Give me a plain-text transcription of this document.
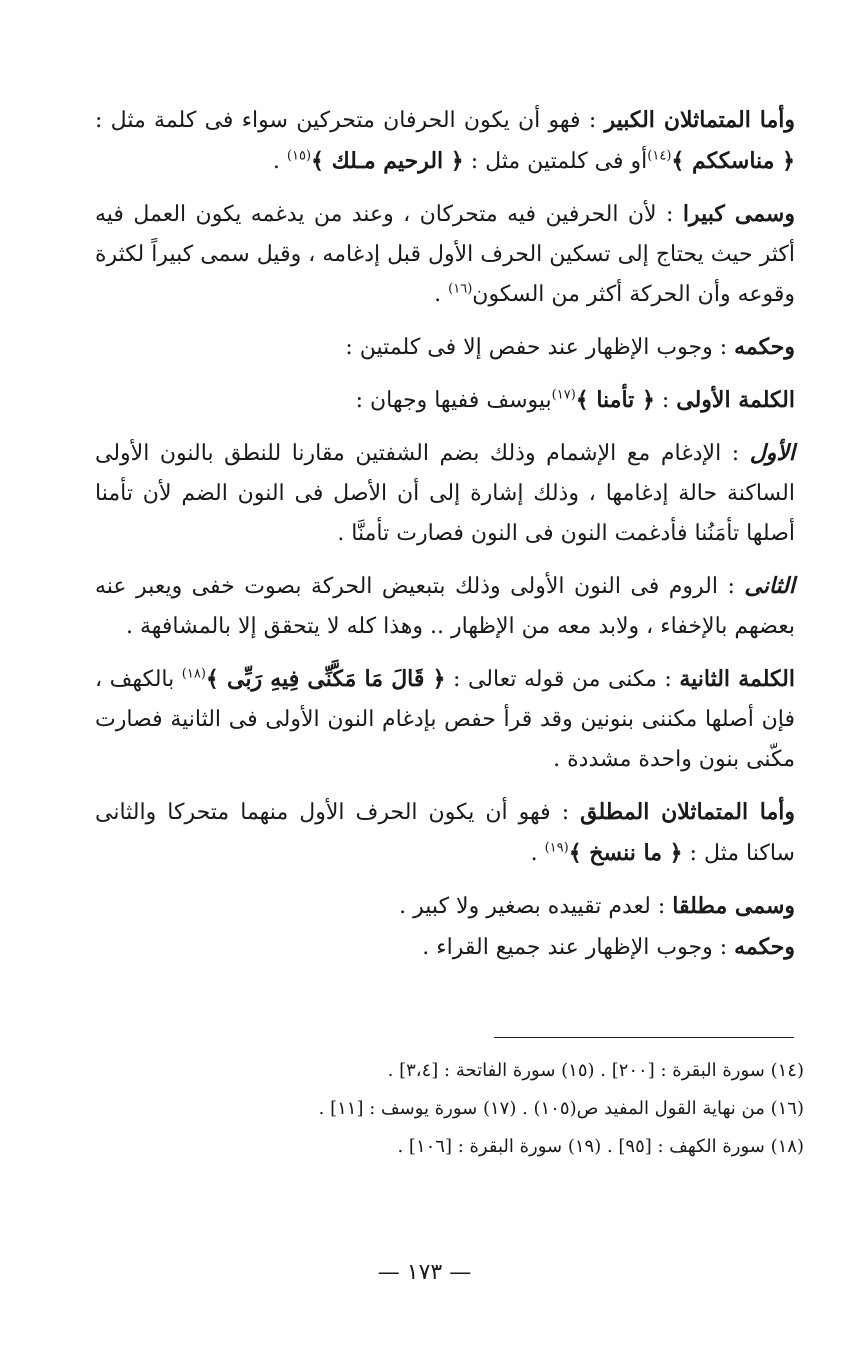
وأما المتماثلان الكبير : فهو أن يكون الحرفان متحركين سواء فى كلمة مثل : ﴿ مناسككم ﴾$^{(١٤)}$أو فى كلمتين مثل : ﴿ الرحيم مـلك ﴾$^{(١٥)}$ .

وسمى كبيرا : لأن الحرفين فيه متحركان ، وعند من يدغمه يكون العمل فيه أكثر حيث يحتاج إلى تسكين الحرف الأول قبل إدغامه ، وقيل سمى كبيراً لكثرة وقوعه وأن الحركة أكثر من السكون$^{(١٦)}$ .

وحكمه : وجوب الإظهار عند حفص إلا فى كلمتين :

الكلمة الأولى : ﴿ تأمنا ﴾$^{(١٧)}$بيوسف ففيها وجهان :

الأول : الإدغام مع الإشمام وذلك بضم الشفتين مقارنا للنطق بالنون الأولى الساكنة حالة إدغامها ، وذلك إشارة إلى أن الأصل فى النون الضم لأن تأمنا أصلها تأمَنُنا فأدغمت النون فى النون فصارت تأمنَّا .

الثانى : الروم فى النون الأولى وذلك بتبعيض الحركة بصوت خفى ويعبر عنه بعضهم بالإخفاء ، ولابد معه من الإظهار .. وهذا كله لا يتحقق إلا بالمشافهة .

الكلمة الثانية : مكنى من قوله تعالى : ﴿ قَالَ مَا مَكَّنِّى فِيهِ رَبِّى ﴾$^{(١٨)}$ بالكهف ، فإن أصلها مكننى بنونين وقد قرأ حفص بإدغام النون الأولى فى الثانية فصارت مكّنى بنون واحدة مشددة .

وأما المتماثلان المطلق : فهو أن يكون الحرف الأول منهما متحركا والثانى ساكنا مثل : ﴿ ما ننسخ ﴾$^{(١٩)}$ .

وسمى مطلقا : لعدم تقييده بصغير ولا كبير .

وحكمه : وجوب الإظهار عند جميع القراء .

(١٤) سورة البقرة : [٢٠٠] . (١٥) سورة الفاتحة : [٣،٤] .
(١٦) من نهاية القول المفيد ص(١٠٥) . (١٧) سورة يوسف : [١١] .
(١٨) سورة الكهف : [٩٥] . (١٩) سورة البقرة : [١٠٦] .
— ١٧٣ —
